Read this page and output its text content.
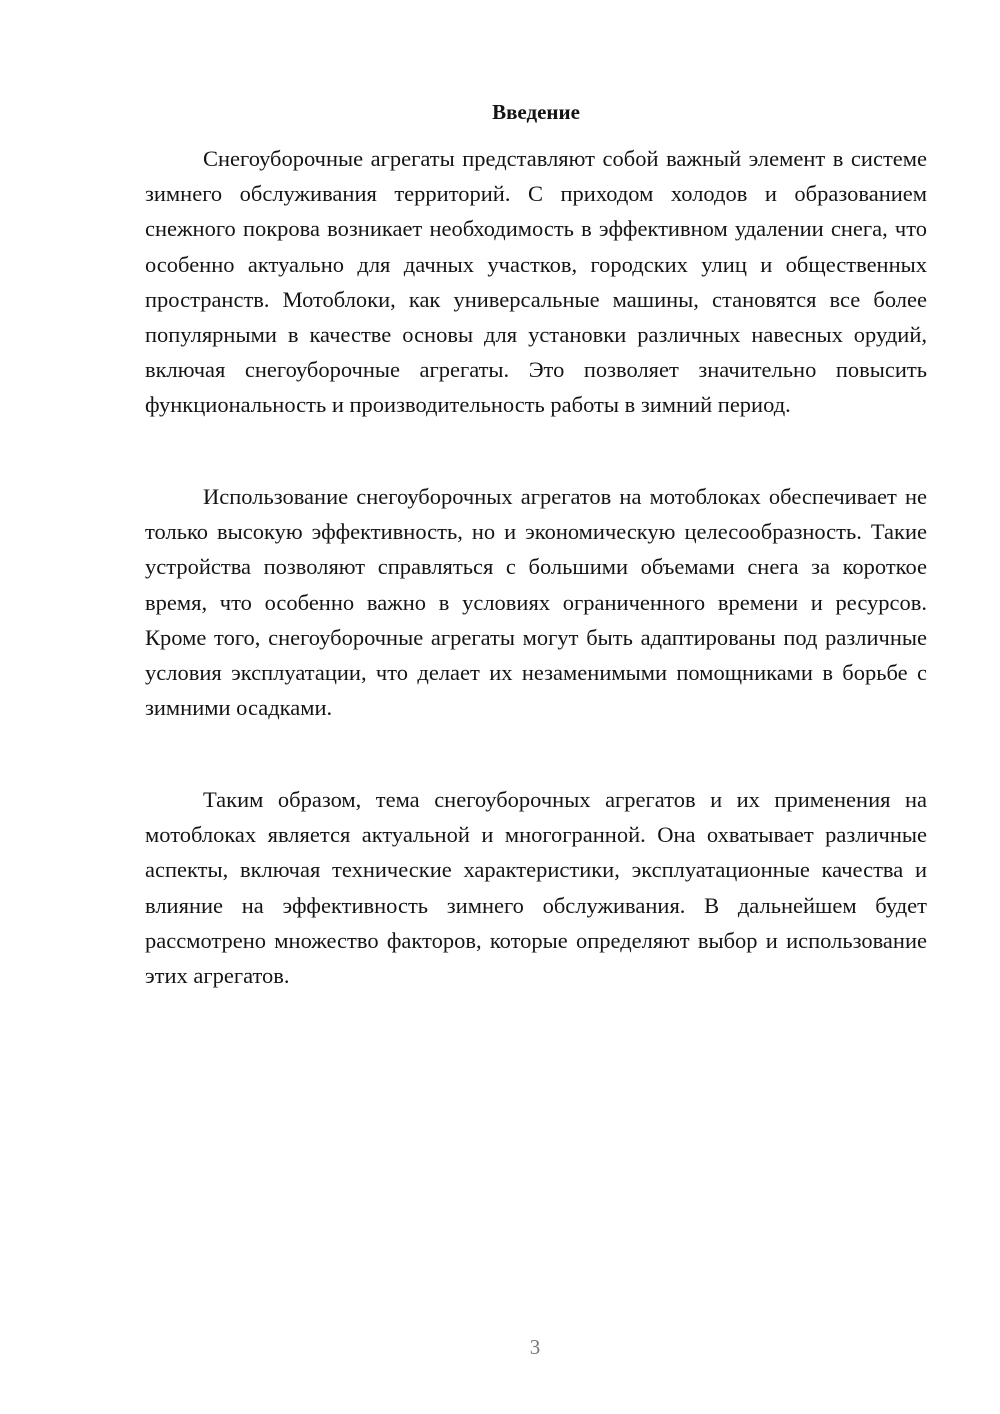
Введение

Снегоуборочные агрегаты представляют собой важный элемент в системе зимнего обслуживания территорий. С приходом холодов и образованием снежного покрова возникает необходимость в эффективном удалении снега, что особенно актуально для дачных участков, городских улиц и общественных пространств. Мотоблоки, как универсальные машины, становятся все более популярными в качестве основы для установки различных навесных орудий, включая снегоуборочные агрегаты. Это позволяет значительно повысить функциональность и производительность работы в зимний период.

Использование снегоуборочных агрегатов на мотоблоках обеспечивает не только высокую эффективность, но и экономическую целесообразность. Такие устройства позволяют справляться с большими объемами снега за короткое время, что особенно важно в условиях ограниченного времени и ресурсов. Кроме того, снегоуборочные агрегаты могут быть адаптированы под различные условия эксплуатации, что делает их незаменимыми помощниками в борьбе с зимними осадками.

Таким образом, тема снегоуборочных агрегатов и их применения на мотоблоках является актуальной и многогранной. Она охватывает различные аспекты, включая технические характеристики, эксплуатационные качества и влияние на эффективность зимнего обслуживания. В дальнейшем будет рассмотрено множество факторов, которые определяют выбор и использование этих агрегатов.

3
